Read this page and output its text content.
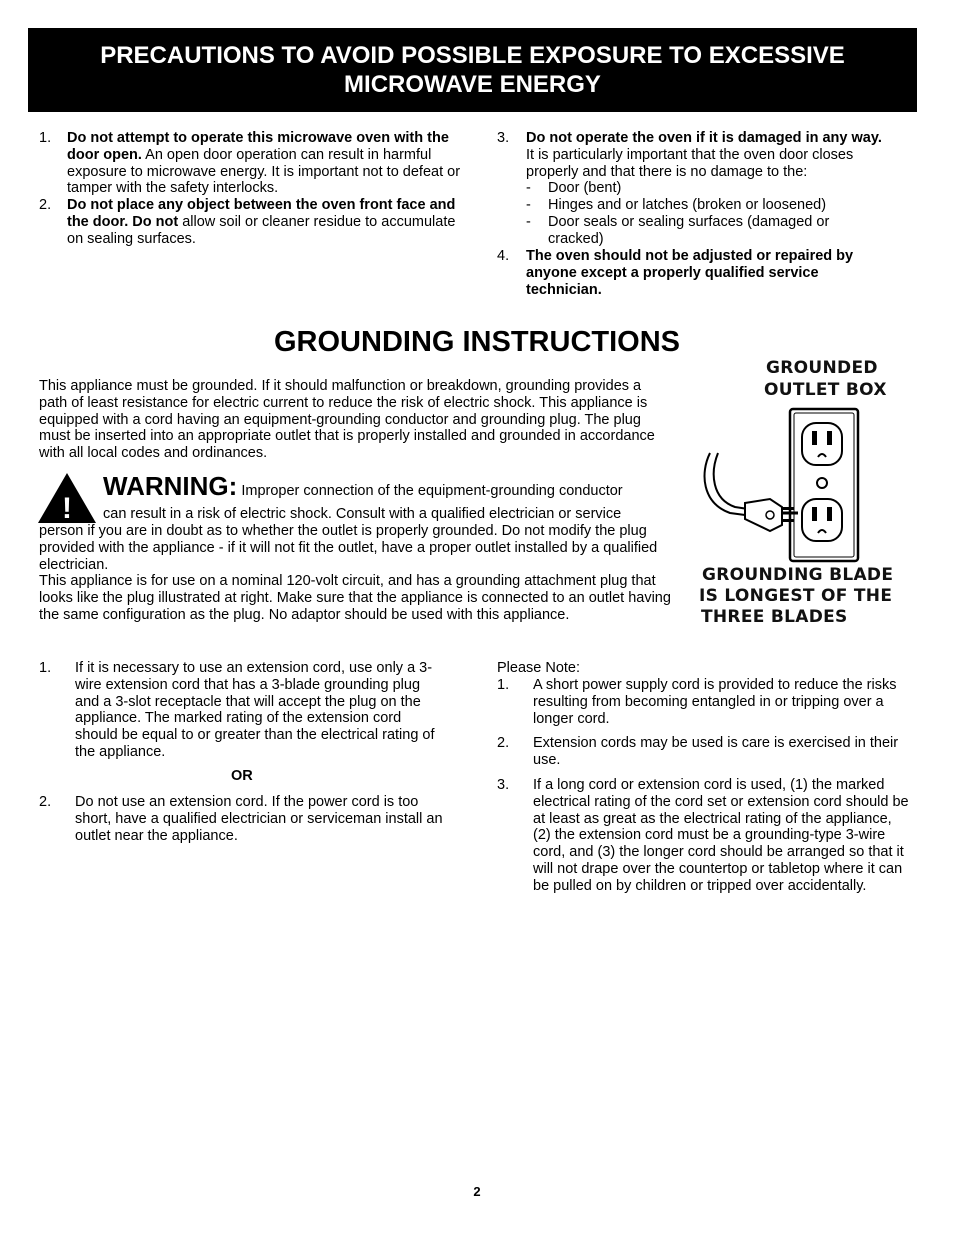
PRECAUTIONS TO AVOID POSSIBLE EXPOSURE TO EXCESSIVE
MICROWAVE ENERGY
1. Do not attempt to operate this microwave oven with the door open. An open door operation can result in harmful exposure to microwave energy. It is important not to defeat or tamper with the safety interlocks.
2. Do not place any object between the oven front face and the door. Do not allow soil or cleaner residue to accumulate on sealing surfaces.
3. Do not operate the oven if it is damaged in any way. It is particularly important that the oven door closes properly and that there is no damage to the:
- Door (bent)
- Hinges and or latches (broken or loosened)
- Door seals or sealing surfaces (damaged or
cracked)
4. The oven should not be adjusted or repaired by anyone except a properly qualified service technician.
GROUNDING INSTRUCTIONS
This appliance must be grounded. If it should malfunction or breakdown, grounding provides a path of least resistance for electric current to reduce the risk of electric shock. This appliance is equipped with a cord having an equipment-grounding conductor and grounding plug. The plug must be inserted into an appropriate outlet that is properly installed and grounded in accordance with all local codes and ordinances.
!
WARNING: Improper connection of the equipment-grounding conductor
can result in a risk of electric shock. Consult with a qualified electrician or service
person if you are in doubt as to whether the outlet is properly grounded. Do not modify the plug provided with the appliance - if it will not fit the outlet, have a proper outlet installed by a qualified electrician.
This appliance is for use on a nominal 120-volt circuit, and has a grounding attachment plug that looks like the plug illustrated at right. Make sure that the appliance is connected to an outlet having the same configuration as the plug. No adaptor should be used with this appliance.
GROUNDED
OUTLET BOX
GROUNDING BLADE
IS LONGEST OF THE
THREE BLADES
1. If it is necessary to use an extension cord, use only a 3-wire extension cord that has a 3-blade grounding plug and a 3-slot receptacle that will accept the plug on the appliance. The marked rating of the extension cord should be equal to or greater than the electrical rating of the appliance.
OR
2. Do not use an extension cord. If the power cord is too short, have a qualified electrician or serviceman install an outlet near the appliance.
Please Note:
1. A short power supply cord is provided to reduce the risks resulting from becoming entangled in or tripping over a longer cord.
2. Extension cords may be used is care is exercised in their use.
3. If a long cord or extension cord is used, (1) the marked electrical rating of the cord set or extension cord should be at least as great as the electrical rating of the appliance, (2) the extension cord must be a grounding-type 3-wire cord, and (3) the longer cord should be arranged so that it will not drape over the countertop or tabletop where it can be pulled on by children or tripped over accidentally.
2
